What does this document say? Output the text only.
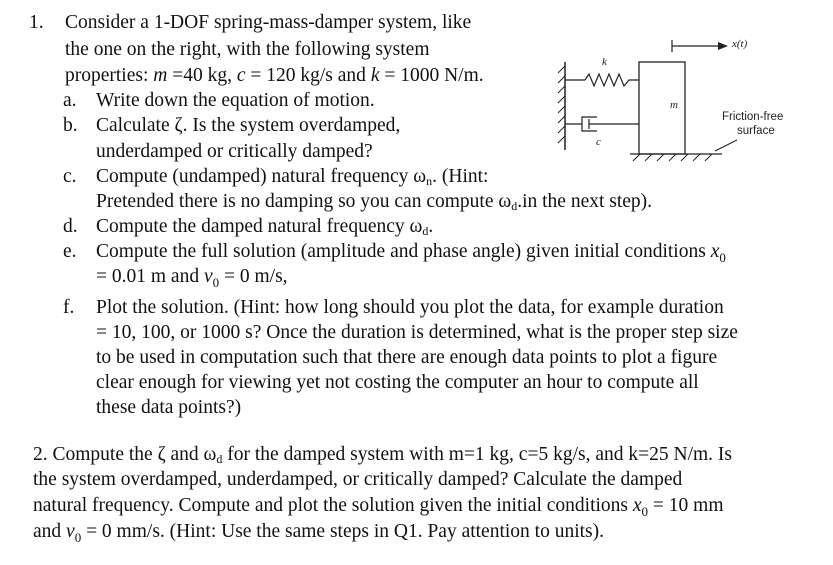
1. Consider a 1-DOF spring-mass-damper system, like
the one on the right, with the following system
properties: m =40 kg, c = 120 kg/s and k = 1000 N/m.
a. Write down the equation of motion.
b. Calculate ζ. Is the system overdamped,
underdamped or critically damped?
c. Compute (undamped) natural frequency $\omega_n$. (Hint:
Pretended there is no damping so you can compute $\omega_d.in$ the next step).
d. Compute the damped natural frequency $\omega_d$.
e. Compute the full solution (amplitude and phase angle) given initial conditions $x_0$
= 0.01 m and $v_0 = 0$ m/s,
f. Plot the solution. (Hint: how long should you plot the data, for example duration
= 10, 100, or 1000 s? Once the duration is determined, what is the proper step size
to be used in computation such that there are enough data points to plot a figure
clear enough for viewing yet not costing the computer an hour to compute all
these data points?)
2. Compute the ζ and $\omega_d$ for the damped system with m=1 kg, c=5 kg/s, and k=25 N/m. Is
the system overdamped, underdamped, or critically damped? Calculate the damped
natural frequency. Compute and plot the solution given the initial conditions $x_0 = 10$ mm
and $v_0 = 0$ mm/s. (Hint: Use the same steps in Q1. Pay attention to units).
k
c
m
x(t)
Friction-free
surface
